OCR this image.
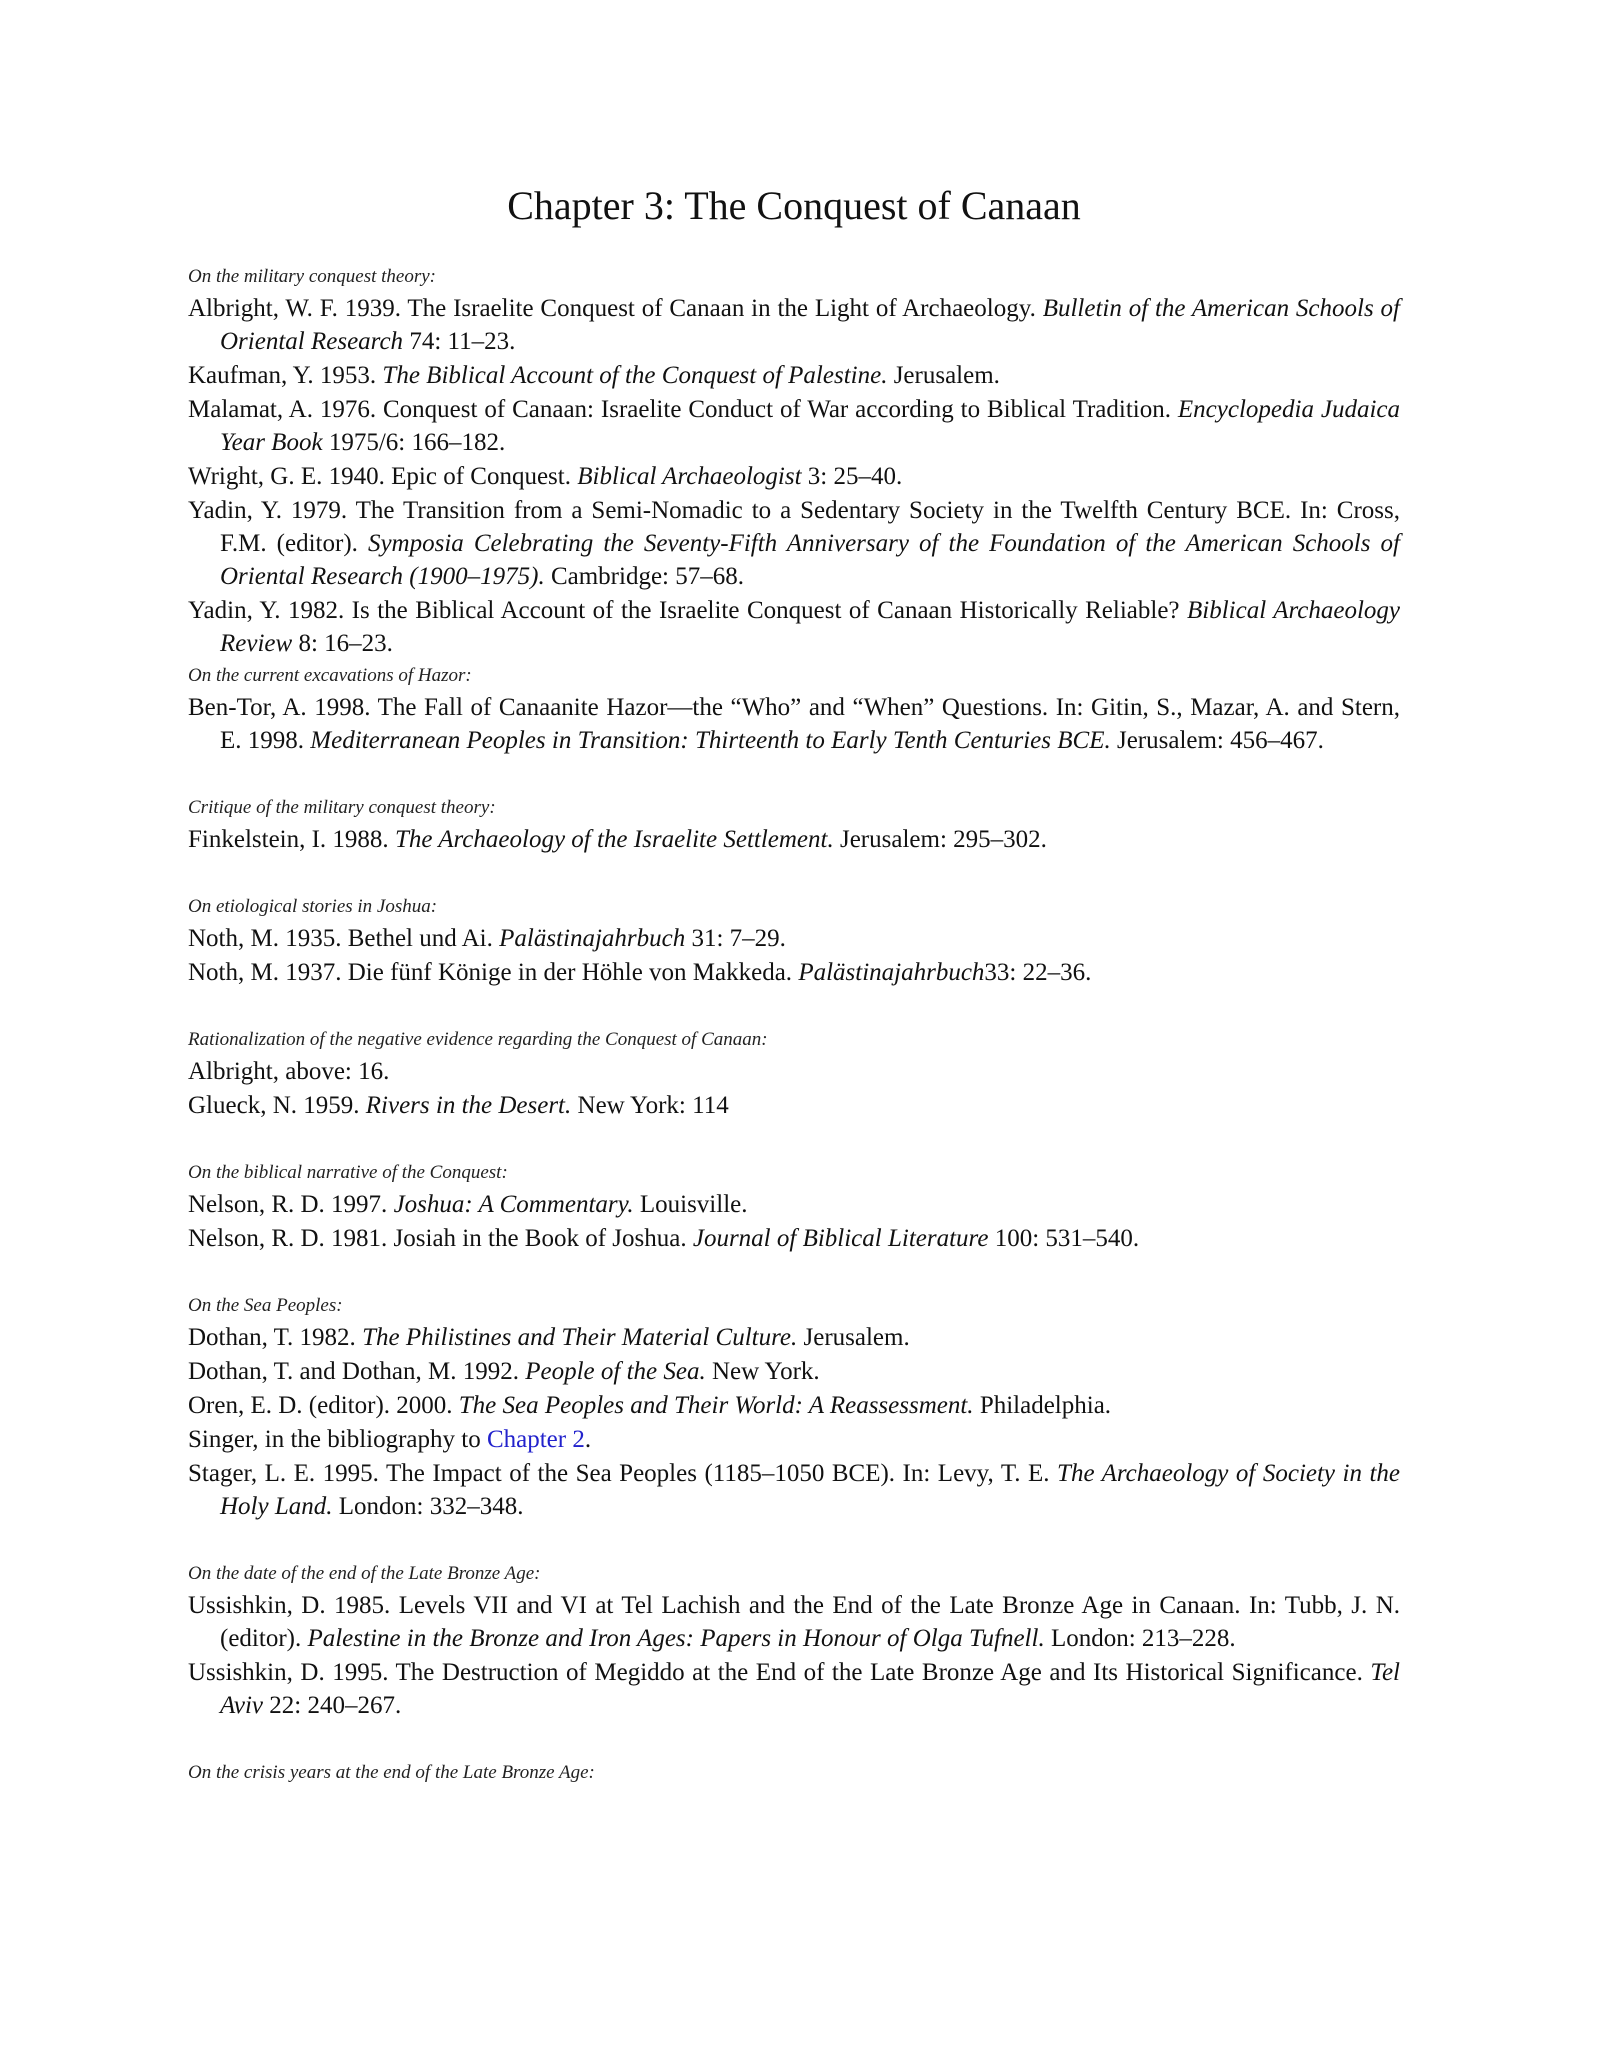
Chapter 3: The Conquest of Canaan

On the military conquest theory:

Albright, W. F. 1939. The Israelite Conquest of Canaan in the Light of Archaeology. Bulletin of the American Schools of Oriental Research 74: 11–23.

Kaufman, Y. 1953. The Biblical Account of the Conquest of Palestine. Jerusalem.

Malamat, A. 1976. Conquest of Canaan: Israelite Conduct of War according to Biblical Tradition. Encyclopedia Judaica Year Book 1975/6: 166–182.

Wright, G. E. 1940. Epic of Conquest. Biblical Archaeologist 3: 25–40.

Yadin, Y. 1979. The Transition from a Semi-Nomadic to a Sedentary Society in the Twelfth Century BCE. In: Cross, F.M. (editor). Symposia Celebrating the Seventy-Fifth Anniversary of the Foundation of the American Schools of Oriental Research (1900–1975). Cambridge: 57–68.

Yadin, Y. 1982. Is the Biblical Account of the Israelite Conquest of Canaan Historically Reliable? Biblical Archaeology Review 8: 16–23.

On the current excavations of Hazor:

Ben-Tor, A. 1998. The Fall of Canaanite Hazor—the “Who” and “When” Questions. In: Gitin, S., Mazar, A. and Stern, E. 1998. Mediterranean Peoples in Transition: Thirteenth to Early Tenth Centuries BCE. Jerusalem: 456–467.

Critique of the military conquest theory:

Finkelstein, I. 1988. The Archaeology of the Israelite Settlement. Jerusalem: 295–302.

On etiological stories in Joshua:

Noth, M. 1935. Bethel und Ai. Palästinajahrbuch 31: 7–29.

Noth, M. 1937. Die fünf Könige in der Höhle von Makkeda. Palästinajahrbuch33: 22–36.

Rationalization of the negative evidence regarding the Conquest of Canaan:

Albright, above: 16.

Glueck, N. 1959. Rivers in the Desert. New York: 114

On the biblical narrative of the Conquest:

Nelson, R. D. 1997. Joshua: A Commentary. Louisville.

Nelson, R. D. 1981. Josiah in the Book of Joshua. Journal of Biblical Literature 100: 531–540.

On the Sea Peoples:

Dothan, T. 1982. The Philistines and Their Material Culture. Jerusalem.

Dothan, T. and Dothan, M. 1992. People of the Sea. New York.

Oren, E. D. (editor). 2000. The Sea Peoples and Their World: A Reassessment. Philadelphia.

Singer, in the bibliography to Chapter 2.

Stager, L. E. 1995. The Impact of the Sea Peoples (1185–1050 BCE). In: Levy, T. E. The Archaeology of Society in the Holy Land. London: 332–348.

On the date of the end of the Late Bronze Age:

Ussishkin, D. 1985. Levels VII and VI at Tel Lachish and the End of the Late Bronze Age in Canaan. In: Tubb, J. N. (editor). Palestine in the Bronze and Iron Ages: Papers in Honour of Olga Tufnell. London: 213–228.

Ussishkin, D. 1995. The Destruction of Megiddo at the End of the Late Bronze Age and Its Historical Significance. Tel Aviv 22: 240–267.

On the crisis years at the end of the Late Bronze Age:
